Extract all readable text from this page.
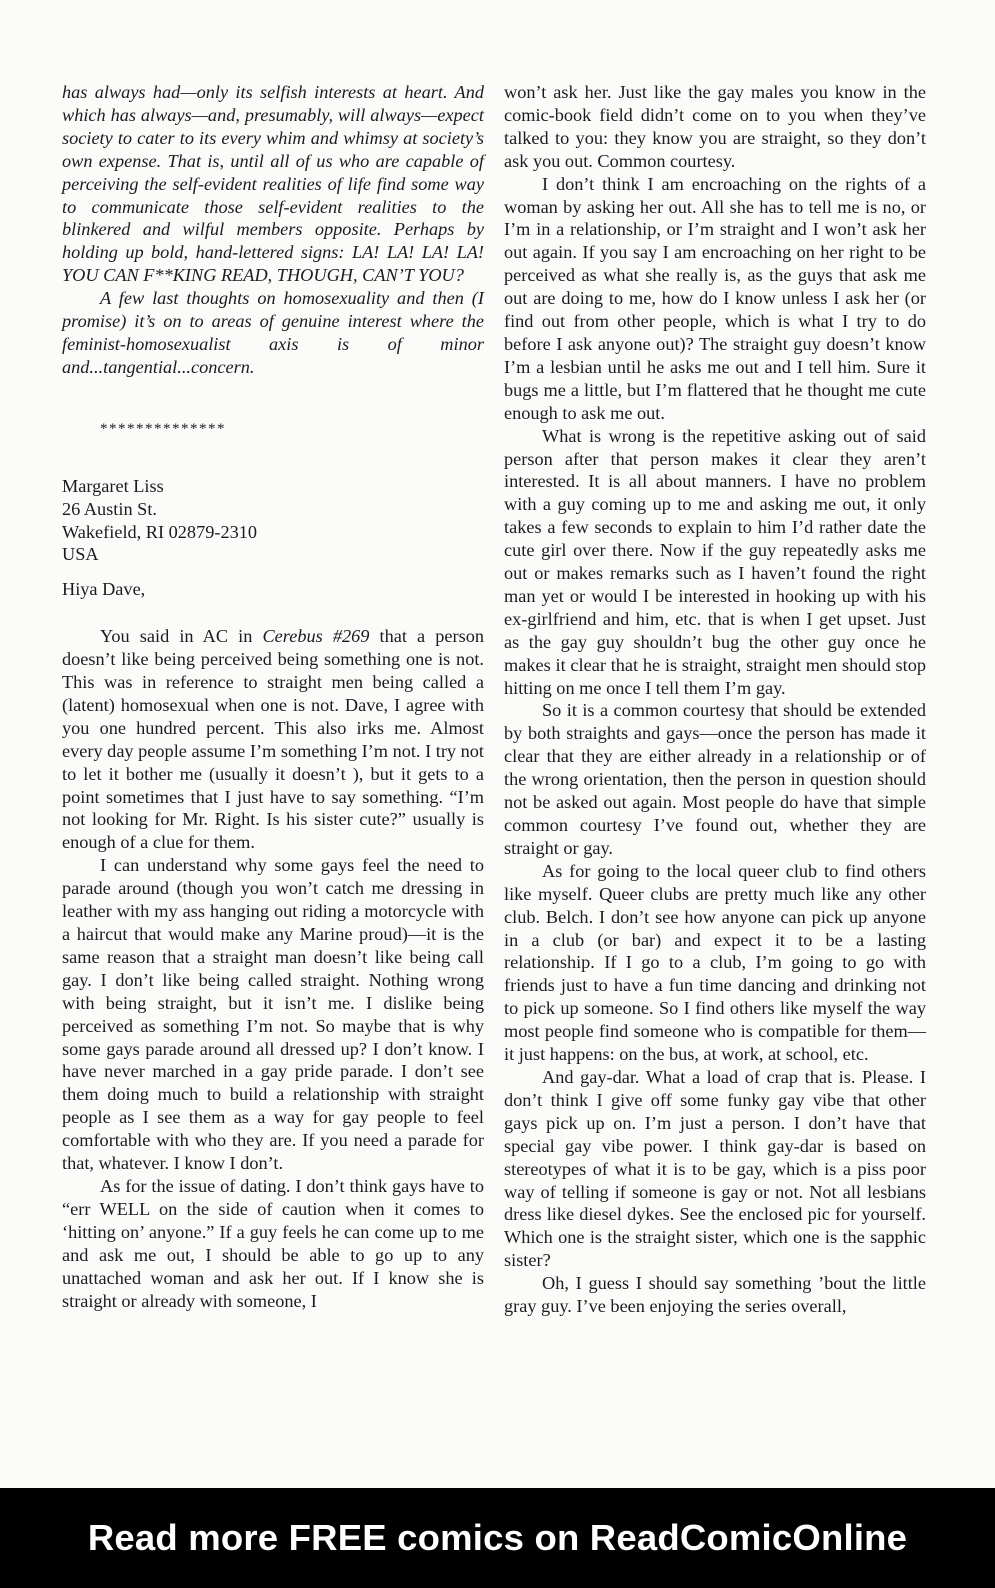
has always had—only its selfish interests at heart. And which has always—and, presumably, will always—expect society to cater to its every whim and whimsy at society’s own expense. That is, until all of us who are capable of perceiving the self-evident realities of life find some way to communicate those self-evident realities to the blinkered and wilful members opposite. Perhaps by holding up bold, hand-lettered signs: LA! LA! LA! LA! YOU CAN F**KING READ, THOUGH, CAN’T YOU?

A few last thoughts on homosexuality and then (I promise) it’s on to areas of genuine interest where the feminist-homosexualist axis is of minor and...tangential...concern.

**************

Margaret Liss

26 Austin St.

Wakefield, RI 02879-2310

USA

Hiya Dave,

You said in AC in Cerebus #269 that a person doesn’t like being perceived being something one is not. This was in reference to straight men being called a (latent) homosexual when one is not. Dave, I agree with you one hundred percent. This also irks me. Almost every day people assume I’m something I’m not. I try not to let it bother me (usually it doesn’t ), but it gets to a point sometimes that I just have to say something. “I’m not looking for Mr. Right. Is his sister cute?” usually is enough of a clue for them.

I can understand why some gays feel the need to parade around (though you won’t catch me dressing in leather with my ass hanging out riding a motorcycle with a haircut that would make any Marine proud)—it is the same reason that a straight man doesn’t like being call gay. I don’t like being called straight. Nothing wrong with being straight, but it isn’t me. I dislike being perceived as something I’m not. So maybe that is why some gays parade around all dressed up? I don’t know. I have never marched in a gay pride parade. I don’t see them doing much to build a relationship with straight people as I see them as a way for gay people to feel comfortable with who they are. If you need a parade for that, whatever. I know I don’t.

As for the issue of dating. I don’t think gays have to “err WELL on the side of caution when it comes to ‘hitting on’ anyone.” If a guy feels he can come up to me and ask me out, I should be able to go up to any unattached woman and ask her out. If I know she is straight or already with someone, I

won’t ask her. Just like the gay males you know in the comic-book field didn’t come on to you when they’ve talked to you: they know you are straight, so they don’t ask you out. Common courtesy.

I don’t think I am encroaching on the rights of a woman by asking her out. All she has to tell me is no, or I’m in a relationship, or I’m straight and I won’t ask her out again. If you say I am encroaching on her right to be perceived as what she really is, as the guys that ask me out are doing to me, how do I know unless I ask her (or find out from other people, which is what I try to do before I ask anyone out)? The straight guy doesn’t know I’m a lesbian until he asks me out and I tell him. Sure it bugs me a little, but I’m flattered that he thought me cute enough to ask me out.

What is wrong is the repetitive asking out of said person after that person makes it clear they aren’t interested. It is all about manners. I have no problem with a guy coming up to me and asking me out, it only takes a few seconds to explain to him I’d rather date the cute girl over there. Now if the guy repeatedly asks me out or makes remarks such as I haven’t found the right man yet or would I be interested in hooking up with his ex-girlfriend and him, etc. that is when I get upset. Just as the gay guy shouldn’t bug the other guy once he makes it clear that he is straight, straight men should stop hitting on me once I tell them I’m gay.

So it is a common courtesy that should be extended by both straights and gays—once the person has made it clear that they are either already in a relationship or of the wrong orientation, then the person in question should not be asked out again. Most people do have that simple common courtesy I’ve found out, whether they are straight or gay.

As for going to the local queer club to find others like myself. Queer clubs are pretty much like any other club. Belch. I don’t see how anyone can pick up anyone in a club (or bar) and expect it to be a lasting relationship. If I go to a club, I’m going to go with friends just to have a fun time dancing and drinking not to pick up someone. So I find others like myself the way most people find someone who is compatible for them—it just happens: on the bus, at work, at school, etc.

And gay-dar. What a load of crap that is. Please. I don’t think I give off some funky gay vibe that other gays pick up on. I’m just a person. I don’t have that special gay vibe power. I think gay-dar is based on stereotypes of what it is to be gay, which is a piss poor way of telling if someone is gay or not. Not all lesbians dress like diesel dykes. See the enclosed pic for yourself. Which one is the straight sister, which one is the sapphic sister?

Oh, I guess I should say something ’bout the little gray guy. I’ve been enjoying the series overall,

Read more FREE comics on ReadComicOnline
